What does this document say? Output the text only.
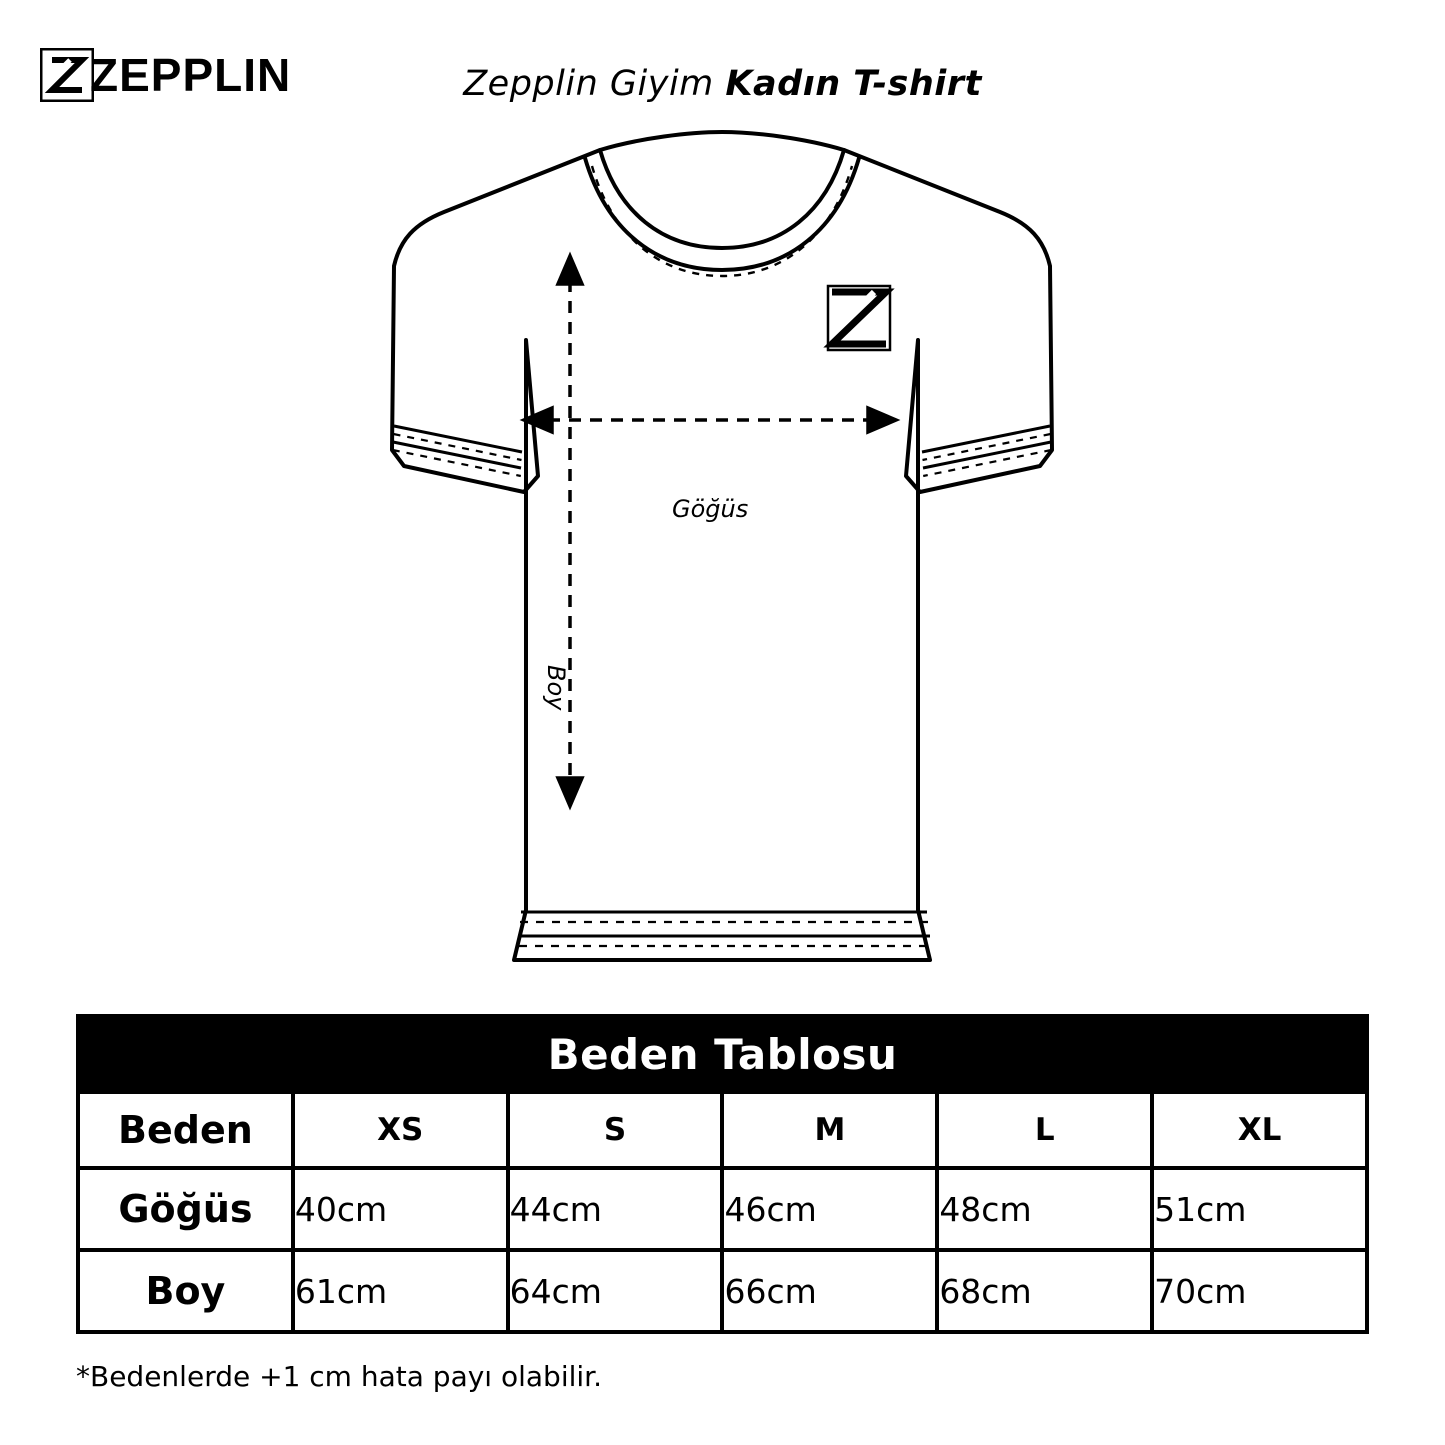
ZEPPLIN	Zepplin Giyim Kadın T-shirt
Göğüs
Boy
Beden Tablosu					
Beden	XS	S	M	L	XL
Göğüs	40cm	44cm	46cm	48cm	51cm
Boy	61cm	64cm	66cm	68cm	70cm
*Bedenlerde +1 cm hata payı olabilir.
